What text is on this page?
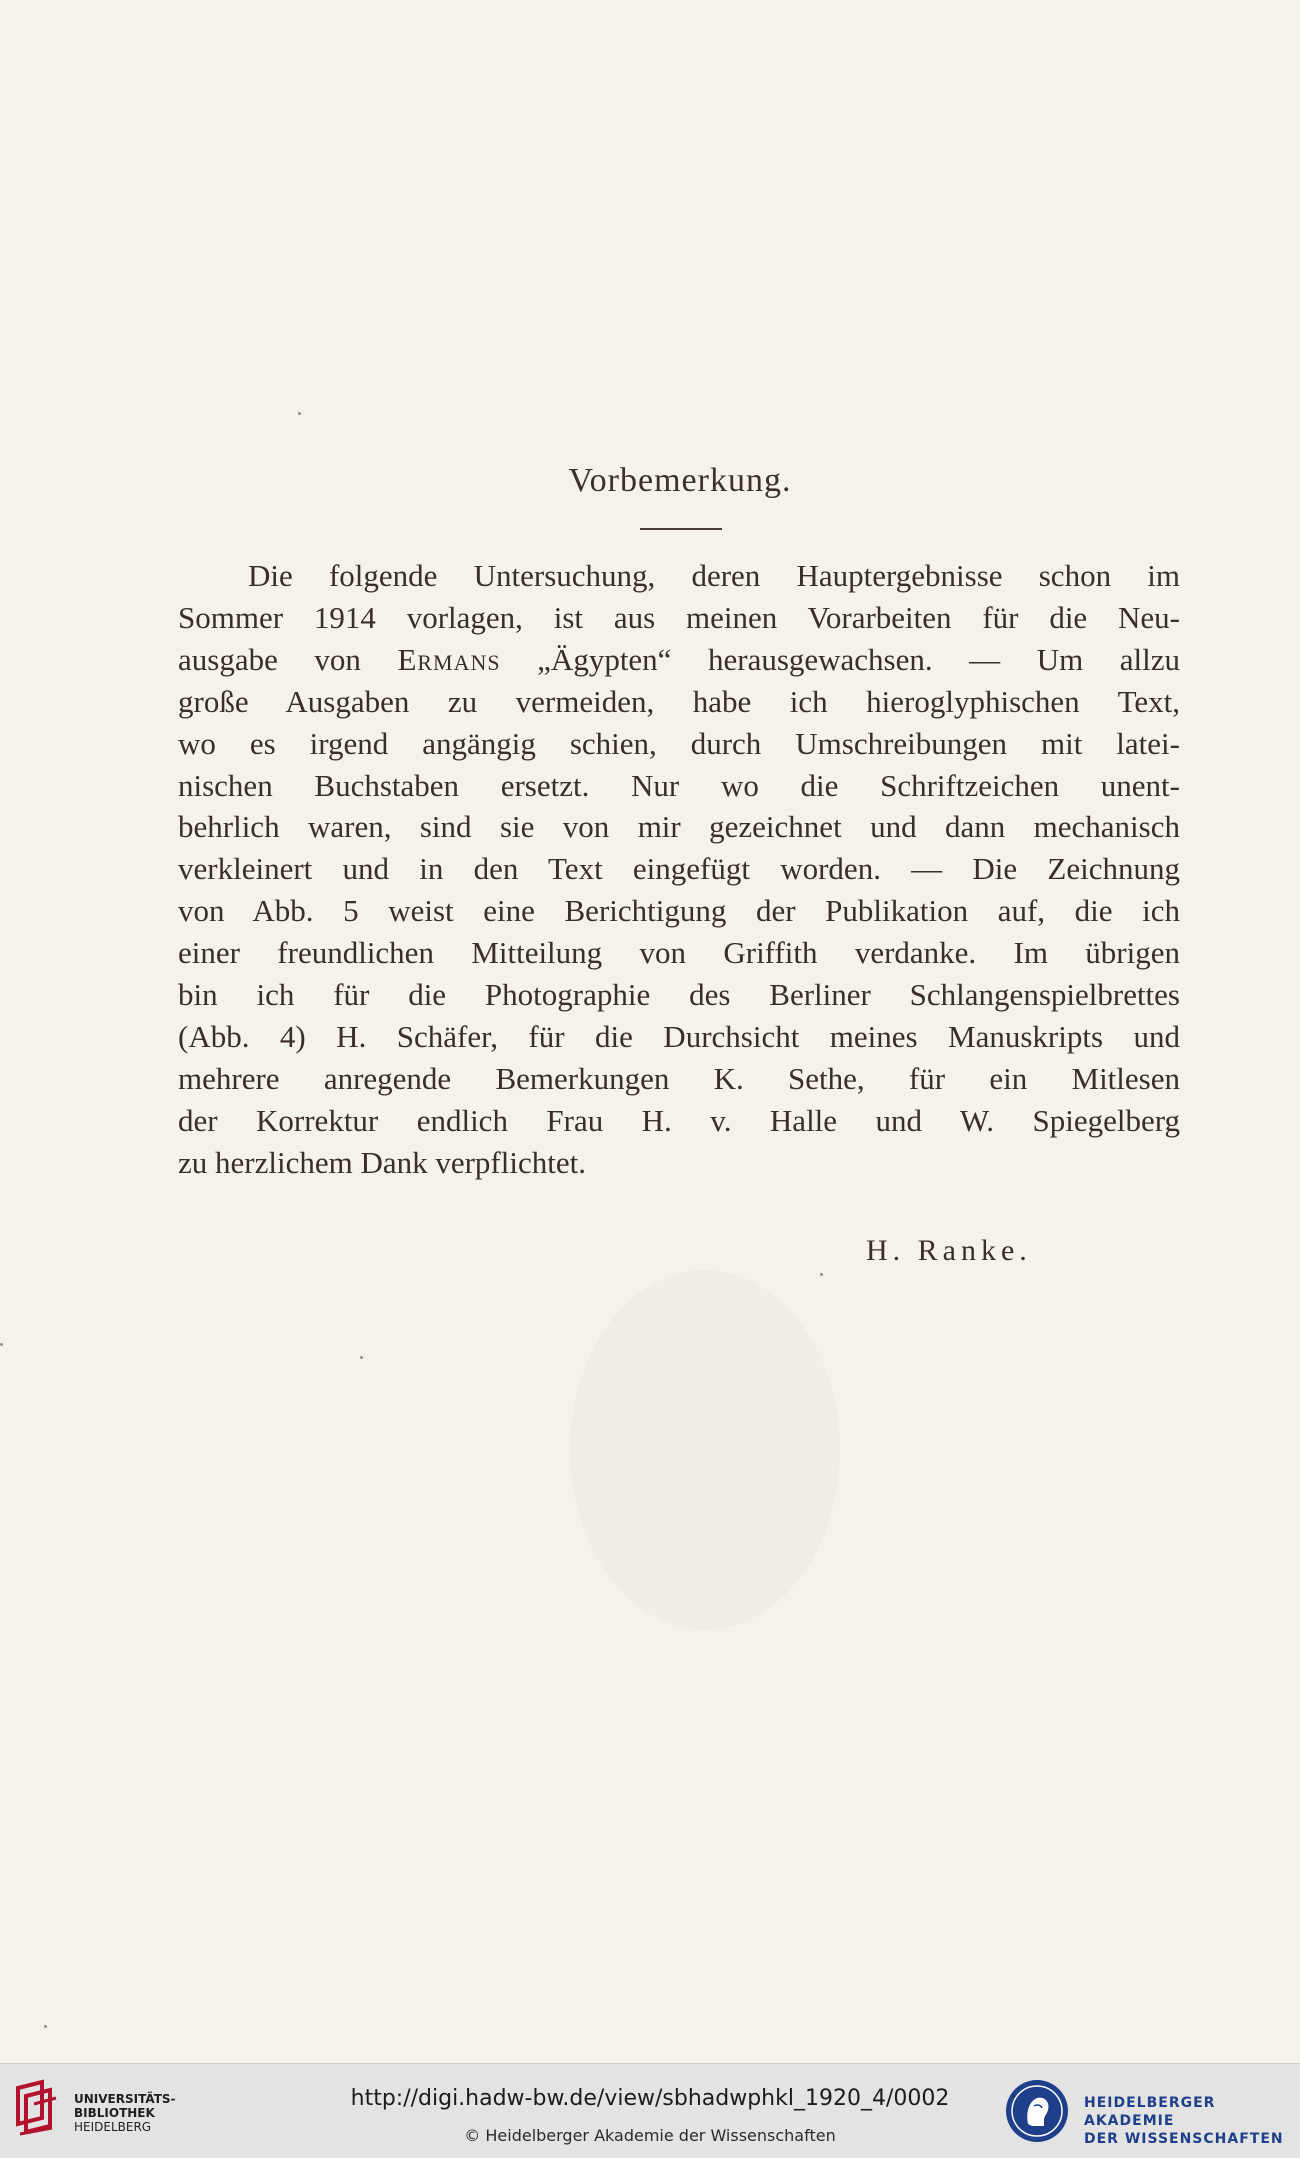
Vorbemerkung.
Die folgende Untersuchung, deren Hauptergebnisse schon im
Sommer 1914 vorlagen, ist aus meinen Vorarbeiten für die Neu-
ausgabe von Ermans „Ägypten“ herausgewachsen. — Um allzu
große Ausgaben zu vermeiden, habe ich hieroglyphischen Text,
wo es irgend angängig schien, durch Umschreibungen mit latei-
nischen Buchstaben ersetzt. Nur wo die Schriftzeichen unent-
behrlich waren, sind sie von mir gezeichnet und dann mechanisch
verkleinert und in den Text eingefügt worden. — Die Zeichnung
von Abb. 5 weist eine Berichtigung der Publikation auf, die ich
einer freundlichen Mitteilung von Griffith verdanke. Im übrigen
bin ich für die Photographie des Berliner Schlangenspielbrettes
(Abb. 4) H. Schäfer, für die Durchsicht meines Manuskripts und
mehrere anregende Bemerkungen K. Sethe, für ein Mitlesen
der Korrektur endlich Frau H. v. Halle und W. Spiegelberg
zu herzlichem Dank verpflichtet.
H. Ranke.
UNIVERSITÄTS-
BIBLIOTHEK
HEIDELBERG
http://digi.hadw-bw.de/view/sbhadwphkl_1920_4/0002
© Heidelberger Akademie der Wissenschaften
HEIDELBERGER AKADEMIE
DER WISSENSCHAFTEN
